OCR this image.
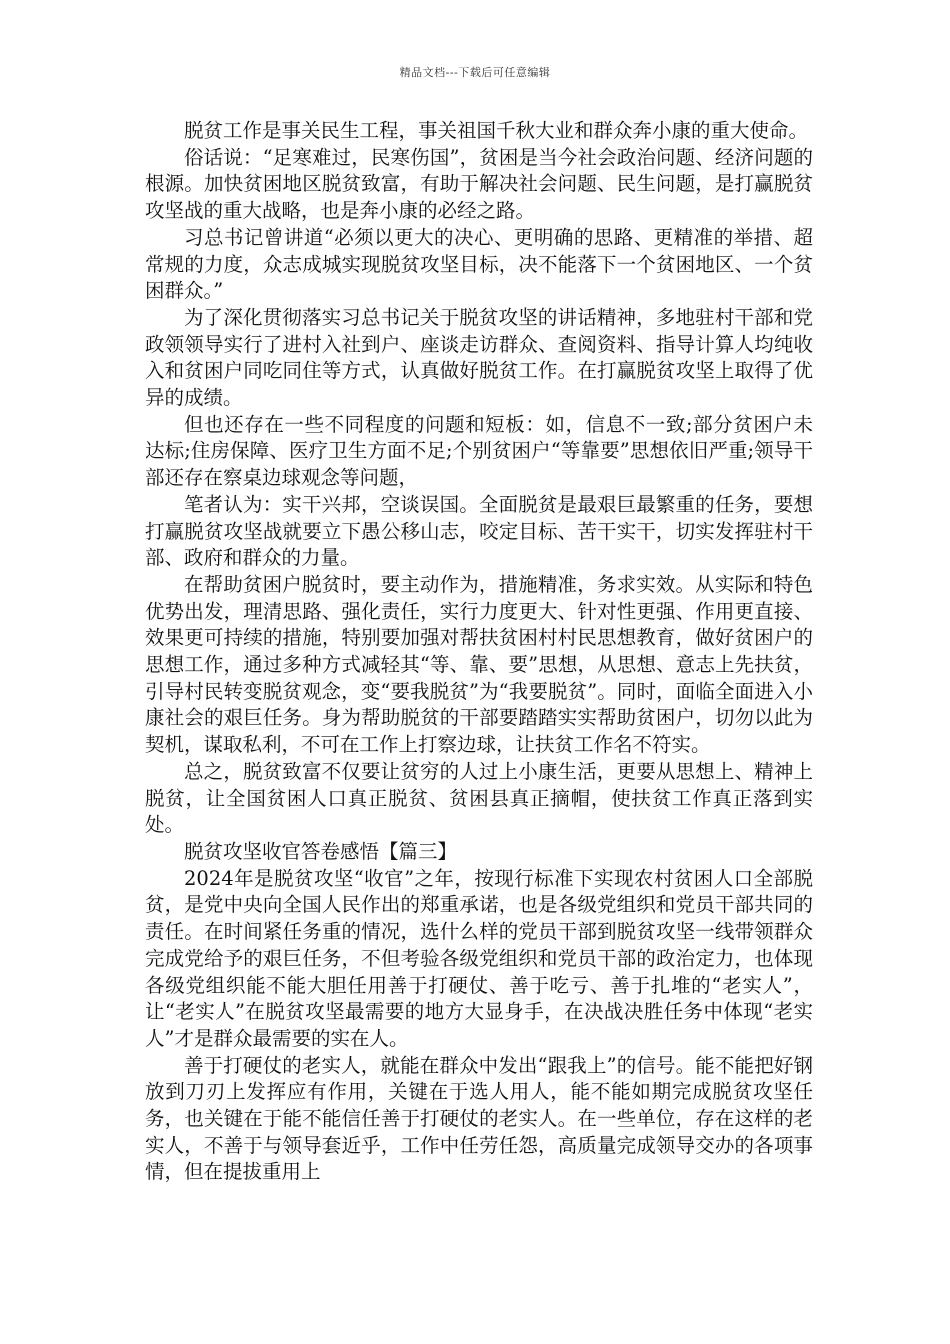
精品文档---下载后可任意编辑

脱贫工作是事关民生工程，事关祖国千秋大业和群众奔小康的重大使命。

俗话说：“足寒难过，民寒伤国”，贫困是当今社会政治问题、经济问题的根源。加快贫困地区脱贫致富，有助于解决社会问题、民生问题，是打赢脱贫攻坚战的重大战略，也是奔小康的必经之路。

习总书记曾讲道“必须以更大的决心、更明确的思路、更精准的举措、超常规的力度，众志成城实现脱贫攻坚目标，决不能落下一个贫困地区、一个贫困群众。”

为了深化贯彻落实习总书记关于脱贫攻坚的讲话精神，多地驻村干部和党政领领导实行了进村入社到户、座谈走访群众、查阅资料、指导计算人均纯收入和贫困户同吃同住等方式，认真做好脱贫工作。在打赢脱贫攻坚上取得了优异的成绩。

但也还存在一些不同程度的问题和短板：如，信息不一致;部分贫困户未达标;住房保障、医疗卫生方面不足;个别贫困户“等靠要”思想依旧严重;领导干部还存在察桌边球观念等问题，

笔者认为：实干兴邦，空谈误国。全面脱贫是最艰巨最繁重的任务，要想打赢脱贫攻坚战就要立下愚公移山志，咬定目标、苦干实干，切实发挥驻村干部、政府和群众的力量。

在帮助贫困户脱贫时，要主动作为，措施精准，务求实效。从实际和特色优势出发，理清思路、强化责任，实行力度更大、针对性更强、作用更直接、效果更可持续的措施，特别要加强对帮扶贫困村村民思想教育，做好贫困户的思想工作，通过多种方式减轻其“等、靠、要”思想，从思想、意志上先扶贫，引导村民转变脱贫观念，变“要我脱贫”为“我要脱贫”。同时，面临全面进入小康社会的艰巨任务。身为帮助脱贫的干部要踏踏实实帮助贫困户，切勿以此为契机，谋取私利，不可在工作上打察边球，让扶贫工作名不符实。

总之，脱贫致富不仅要让贫穷的人过上小康生活，更要从思想上、精神上脱贫，让全国贫困人口真正脱贫、贫困县真正摘帽，使扶贫工作真正落到实处。

脱贫攻坚收官答卷感悟【篇三】

2024年是脱贫攻坚“收官”之年，按现行标准下实现农村贫困人口全部脱贫，是党中央向全国人民作出的郑重承诺，也是各级党组织和党员干部共同的责任。在时间紧任务重的情况，选什么样的党员干部到脱贫攻坚一线带领群众完成党给予的艰巨任务，不但考验各级党组织和党员干部的政治定力，也体现各级党组织能不能大胆任用善于打硬仗、善于吃亏、善于扎堆的“老实人”，让“老实人”在脱贫攻坚最需要的地方大显身手，在决战决胜任务中体现“老实人”才是群众最需要的实在人。

善于打硬仗的老实人，就能在群众中发出“跟我上”的信号。能不能把好钢放到刀刃上发挥应有作用，关键在于选人用人，能不能如期完成脱贫攻坚任务，也关键在于能不能信任善于打硬仗的老实人。在一些单位，存在这样的老实人，不善于与领导套近乎，工作中任劳任怨，高质量完成领导交办的各项事情，但在提拔重用上
